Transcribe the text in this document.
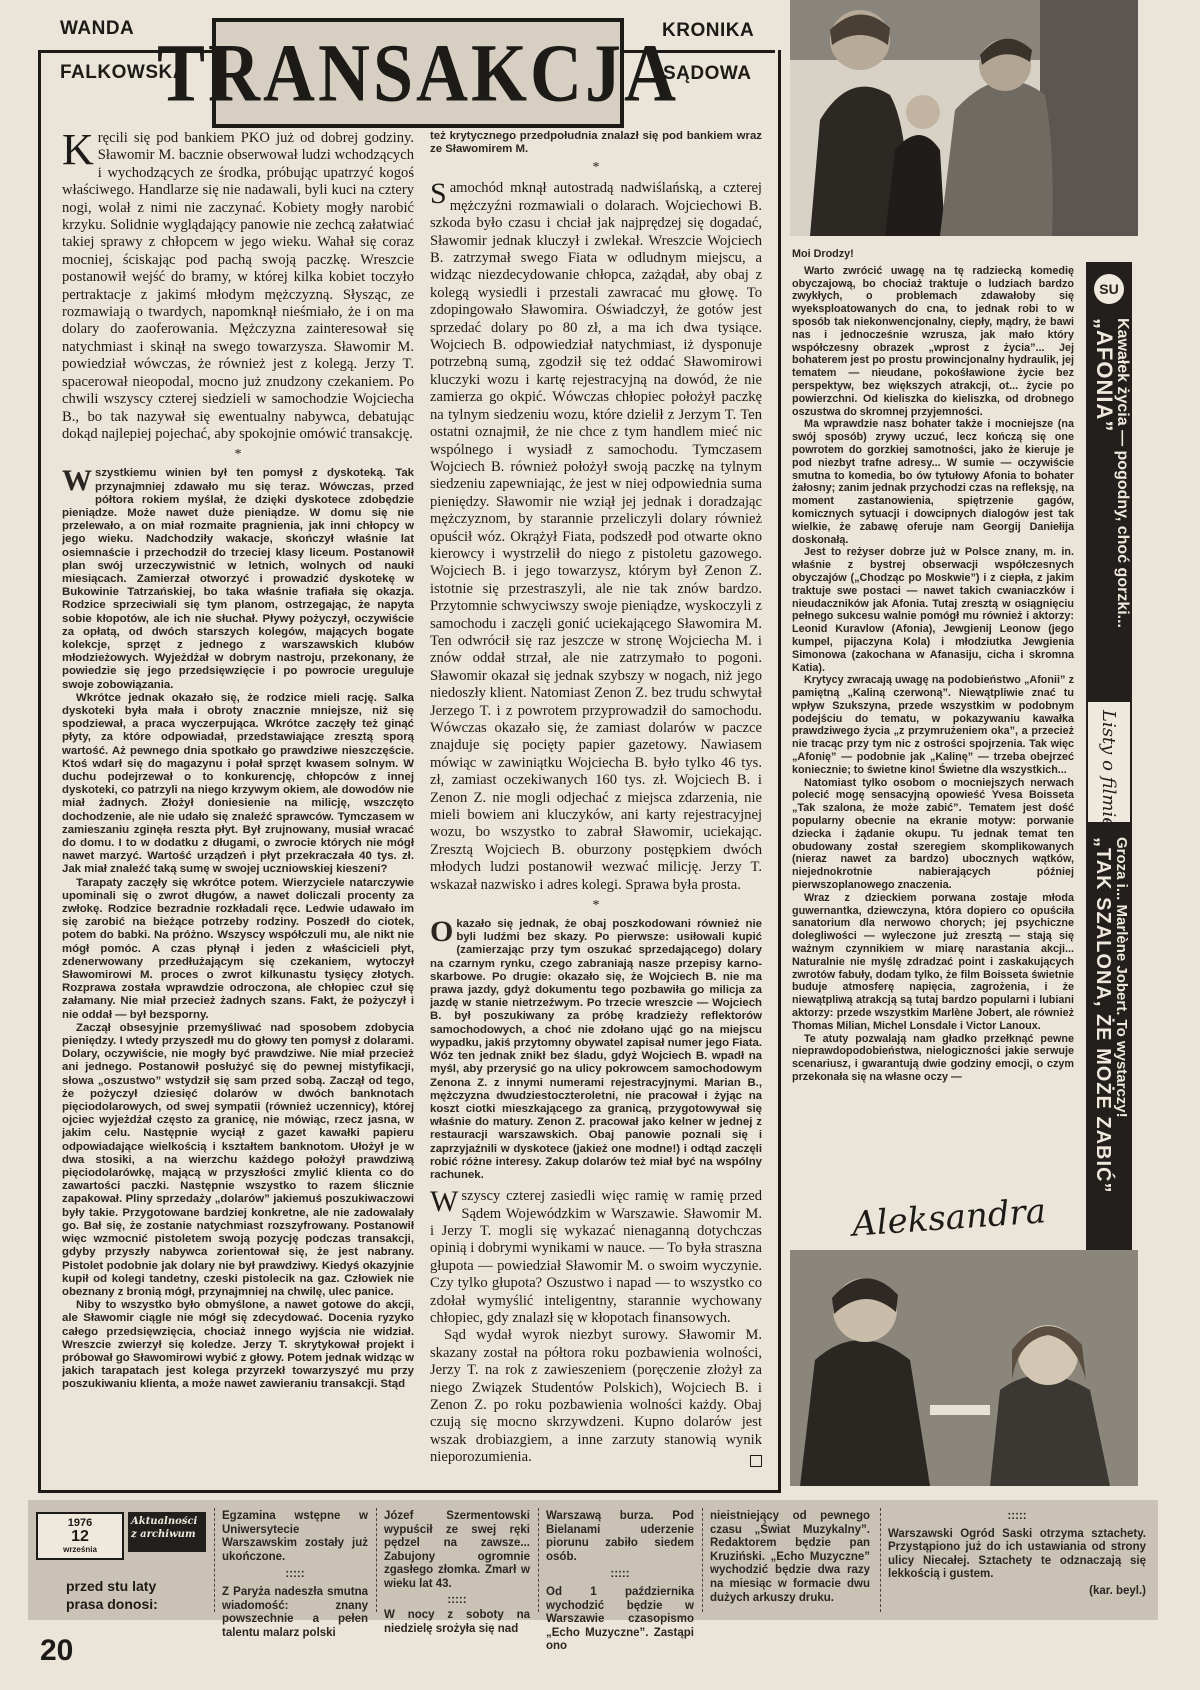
WANDA
FALKOWSKA
KRONIKA
SĄDOWA
TRANSAKCJA
K ręcili się pod bankiem PKO już od dobrej godziny. Sławomir M. bacznie obserwował ludzi wchodzących i wychodzących ze środka, próbując upatrzyć kogoś właściwego. Handlarze się nie nadawali, byli kuci na cztery nogi, wolał z nimi nie zaczynać. Kobiety mogły narobić krzyku. Solidnie wyglądający panowie nie zechcą załatwiać takiej sprawy z chłopcem w jego wieku. Wahał się coraz mocniej, ściskając pod pachą swoją paczkę. Wreszcie postanowił wejść do bramy, w której kilka kobiet toczyło pertraktacje z jakimś młodym mężczyzną. Słysząc, ze rozmawiają o twardych, napomknął nieśmiało, że i on ma dolary do zaoferowania. Mężczyzna zainteresował się natychmiast i skinął na swego towarzysza. Sławomir M. powiedział wówczas, że również jest z kolegą. Jerzy T. spacerował nieopodal, mocno już znudzony czekaniem. Po chwili wszyscy czterej siedzieli w samochodzie Wojciecha B., bo tak nazywał się ewentualny nabywca, debatując dokąd najlepiej pojechać, aby spokojnie omówić transakcję.

*
W szystkiemu winien był ten pomysł z dyskoteką. Tak przynajmniej zdawało mu się teraz. Wówczas, przed półtora rokiem myślał, że dzięki dyskotece zdobędzie pieniądze. Może nawet duże pieniądze. W domu się nie przelewało, a on miał rozmaite pragnienia, jak inni chłopcy w jego wieku. Nadchodziły wakacje, skończył właśnie lat osiemnaście i przechodził do trzeciej klasy liceum. Postanowił plan swój urzeczywistnić w letnich, wolnych od nauki miesiącach. Zamierzał otworzyć i prowadzić dyskotekę w Bukowinie Tatrzańskiej, bo taka właśnie trafiała się okazja. Rodzice sprzeciwiali się tym planom, ostrzegając, że napyta sobie kłopotów, ale ich nie słuchał. Pływy pożyczył, oczywiście za opłatą, od dwóch starszych kolegów, mających bogate kolekcje, sprzęt z jednego z warszawskich klubów młodzieżowych. Wyjeżdżał w dobrym nastroju, przekonany, że powiedzie się jego przedsięwzięcie i po powrocie ureguluje swoje zobowiązania.

Wkrótce jednak okazało się, że rodzice mieli rację. Salka dyskoteki była mała i obroty znacznie mniejsze, niż się spodziewał, a praca wyczerpująca. Wkrótce zaczęły też ginąć płyty, za które odpowiadał, przedstawiające zresztą sporą wartość. Aż pewnego dnia spotkało go prawdziwe nieszczęście. Ktoś wdarł się do magazynu i połał sprzęt kwasem solnym. W duchu podejrzewał o to konkurencję, chłopców z innej dyskoteki, co patrzyli na niego krzywym okiem, ale dowodów nie miał żadnych. Złożył doniesienie na milicję, wszczęto dochodzenie, ale nie udało się znaleźć sprawców. Tymczasem w zamieszaniu zginęła reszta płyt. Był zrujnowany, musiał wracać do domu. I to w dodatku z długami, o zwrocie których nie mógł nawet marzyć. Wartość urządzeń i płyt przekraczała 40 tys. zł. Jak miał znaleźć taką sumę w swojej uczniowskiej kieszeni?

Tarapaty zaczęły się wkrótce potem. Wierzyciele natarczywie upominali się o zwrot długów, a nawet doliczali procenty za zwłokę. Rodzice bezradnie rozkładali ręce. Ledwie udawało im się zarobić na bieżące potrzeby rodziny. Poszedł do ciotek, potem do babki. Na próżno. Wszyscy współczuli mu, ale nikt nie mógł pomóc. A czas płynął i jeden z właścicieli płyt, zdenerwowany przedłużającym się czekaniem, wytoczył Sławomirowi M. proces o zwrot kilkunastu tysięcy złotych. Rozprawa została wprawdzie odroczona, ale chłopiec czuł się załamany. Nie miał przecież żadnych szans. Fakt, że pożyczył i nie oddał — był bezsporny.

Zaczął obsesyjnie przemyśliwać nad sposobem zdobycia pieniędzy. I wtedy przyszedł mu do głowy ten pomysł z dolarami. Dolary, oczywiście, nie mogły być prawdziwe. Nie miał przecież ani jednego. Postanowił posłużyć się do pewnej mistyfikacji, słowa „oszustwo” wstydził się sam przed sobą. Zaczął od tego, że pożyczył dziesięć dolarów w dwóch banknotach pięciodolarowych, od swej sympatii (również uczennicy), której ojciec wyjeżdżał często za granicę, nie mówiąc, rzecz jasna, w jakim celu. Następnie wyciął z gazet kawałki papieru odpowiadające wielkością i kształtem banknotom. Ułożył je w dwa stosiki, a na wierzchu każdego położył prawdziwą pięciodolarówkę, mającą w przyszłości zmylić klienta co do zawartości paczki. Następnie wszystko to razem ślicznie zapakował. Pliny sprzedaży „dolarów” jakiemuś poszukiwaczowi były takie. Przygotowane bardziej konkretne, ale nie zadowalały go. Bał się, że zostanie natychmiast rozszyfrowany. Postanowił więc wzmocnić pistoletem swoją pozycję podczas transakcji, gdyby przyszły nabywca zorientował się, że jest nabrany. Pistolet podobnie jak dolary nie był prawdziwy. Kiedyś okazyjnie kupił od kolegi tandetny, czeski pistolecik na gaz. Człowiek nie obeznany z bronią mógł, przynajmniej na chwilę, ulec panice.

Niby to wszystko było obmyślone, a nawet gotowe do akcji, ale Sławomir ciągle nie mógł się zdecydować. Docenia ryzyko całego przedsięwzięcia, chociaż innego wyjścia nie widział. Wreszcie zwierzył się koledze. Jerzy T. skrytykował projekt i próbował go Sławomirowi wybić z głowy. Potem jednak widząc w jakich tarapatach jest kolega przyrzekł towarzyszyć mu przy poszukiwaniu klienta, a może nawet zawieraniu transakcji. Stąd

też krytycznego przedpołudnia znalazł się pod bankiem wraz ze Sławomirem M.

*
S amochód mknął autostradą nadwiślańską, a czterej mężczyźni rozmawiali o dolarach. Wojciechowi B. szkoda było czasu i chciał jak najprędzej się dogadać, Sławomir jednak kluczył i zwlekał. Wreszcie Wojciech B. zatrzymał swego Fiata w odludnym miejscu, a widząc niezdecydowanie chłopca, zażądał, aby obaj z kolegą wysiedli i przestali zawracać mu głowę. To zdopingowało Sławomira. Oświadczył, że gotów jest sprzedać dolary po 80 zł, a ma ich dwa tysiące. Wojciech B. odpowiedział natychmiast, iż dysponuje potrzebną sumą, zgodził się też oddać Sławomirowi kluczyki wozu i kartę rejestracyjną na dowód, że nie zamierza go okpić. Wówczas chłopiec położył paczkę na tylnym siedzeniu wozu, które dzielił z Jerzym T. Ten ostatni oznajmił, że nie chce z tym handlem mieć nic wspólnego i wysiadł z samochodu. Tymczasem Wojciech B. również położył swoją paczkę na tylnym siedzeniu zapewniając, że jest w niej odpowiednia suma pieniędzy. Sławomir nie wziął jej jednak i doradzając mężczyznom, by starannie przeliczyli dolary również opuścił wóz. Okrążył Fiata, podszedł pod otwarte okno kierowcy i wystrzelił do niego z pistoletu gazowego. Wojciech B. i jego towarzysz, którym był Zenon Z. istotnie się przestraszyli, ale nie tak znów bardzo. Przytomnie schwyciwszy swoje pieniądze, wyskoczyli z samochodu i zaczęli gonić uciekającego Sławomira M. Ten odwrócił się raz jeszcze w stronę Wojciecha M. i znów oddał strzał, ale nie zatrzymało to pogoni. Sławomir okazał się jednak szybszy w nogach, niż jego niedoszły klient. Natomiast Zenon Z. bez trudu schwytał Jerzego T. i z powrotem przyprowadził do samochodu. Wówczas okazało się, że zamiast dolarów w paczce znajduje się pocięty papier gazetowy. Nawiasem mówiąc w zawiniątku Wojciecha B. było tylko 46 tys. zł, zamiast oczekiwanych 160 tys. zł. Wojciech B. i Zenon Z. nie mogli odjechać z miejsca zdarzenia, nie mieli bowiem ani kluczyków, ani karty rejestracyjnej wozu, bo wszystko to zabrał Sławomir, uciekając. Zresztą Wojciech B. oburzony postępkiem dwóch młodych ludzi postanowił wezwać milicję. Jerzy T. wskazał nazwisko i adres kolegi. Sprawa była prosta.

*
O kazało się jednak, że obaj poszkodowani również nie byli ludźmi bez skazy. Po pierwsze: usiłowali kupić (zamierzając przy tym oszukać sprzedającego) dolary na czarnym rynku, czego zabraniają naszе przepisy karno-skarbowe. Po drugie: okazało się, że Wojciech B. nie ma prawa jazdy, gdyż dokumentu tego pozbawiła go milicja za jazdę w stanie nietrzeźwym. Po trzecie wreszcie — Wojciech B. był poszukiwany za próbę kradzieży reflektorów samochodowych, a choć nie zdołano ująć go na miejscu wypadku, jakiś przytomny obywatel zapisał numer jego Fiata. Wóz ten jednak znikł bez śladu, gdyż Wojciech B. wpadł na myśl, aby przerysić go na ulicy pokrowcem samochodowym Zenona Z. z innymi numerami rejestracyjnymi. Marian B., mężczyzna dwudziestoczteroletni, nie pracował i żyjąc na koszt ciotki mieszkającego za granicą, przygotowywał się właśnie do matury. Zenon Z. pracował jako kelner w jednej z restauracji warszawskich. Obaj panowie poznali się i zaprzyjaźnili w dyskotece (jakież one modne!) i odtąd zaczęli robić różne interesy. Zakup dolarów też miał być na wspólny rachunek.

W szyscy czterej zasiedli więc ramię w ramię przed Sądem Wojewódzkim w Warszawie. Sławomir M. i Jerzy T. mogli się wykazać nienaganną dotychczas opinią i dobrymi wynikami w nauce. — To była straszna głupota — powiedział Sławomir M. o swoim wyczynie. Czy tylko głupota? Oszustwo i napad — to wszystko co zdołał wymyślić inteligentny, starannie wychowany chłopiec, gdy znalazł się w kłopotach finansowych.

Sąd wydał wyrok niezbyt surowy. Sławomir M. skazany został na półtora roku pozbawienia wolności, Jerzy T. na rok z zawieszeniem (poręczenie złożył za niego Związek Studentów Polskich), Wojciech B. i Zenon Z. po roku pozbawienia wolności każdy. Obaj czują się mocno skrzywdzeni. Kupno dolarów jest wszak drobiazgiem, a inne zarzuty stanowią wynik nieporozumienia.

Moi Drodzy!

Warto zwrócić uwagę na tę radziecką komedię obyczajową, bo chociaż traktuje o ludziach bardzo zwykłych, o problemach zdawałoby się wyeksploatowanych do cna, to jednak robi to w sposób tak niekonwencjonalny, ciepły, mądry, że bawi nas i jednocześnie wzrusza, jak mało który współczesny obrazek „wprost z życia”... Jej bohaterem jest po prostu prowincjonalny hydraulik, jej tematem — nieudane, pokośławione życie bez perspektyw, bez większych atrakcji, ot... życie po powierzchni. Od kieliszka do kieliszka, od drobnego oszustwa do skromnej przyjemności.

Ma wprawdzie nasz bohater także i mocniejsze (na swój sposób) zrywy uczuć, lecz kończą się one powrotem do gorzkiej samotności, jako że kieruje je pod niezbyt trafne adresy... W sumie — oczywiście smutna to komedia, bo ów tytułowy Afonia to bohater żałosny; zanim jednak przychodzi czas na refleksję, na moment zastanowienia, spiętrzenie gagów, komicznych sytuacji i dowcipnych dialogów jest tak wielkie, że zabawę oferuje nam Georgij Daniełija doskonałą.

Jest to reżyser dobrze już w Polsce znany, m. in. właśnie z bystrej obserwacji współczesnych obyczajów („Chodząc po Moskwie”) i z ciepła, z jakim traktuje swe postaci — nawet takich cwaniaczków i nieudaczników jak Afonia. Tutaj zresztą w osiągnięciu pełnego sukcesu walnie pomógł mu również i aktorzy: Leonid Kuravlow (Afonia), Jewgienij Leonow (jego kumpel, pijaczyna Kola) i młodziutka Jewgienia Simonowa (zakochana w Afanasiju, cicha i skromna Katia).

Krytycy zwracają uwagę na podobieństwo „Afonii” z pamiętną „Kaliną czerwoną”. Niewątpliwie znać tu wpływ Szukszyna, przede wszystkim w podobnym podejściu do tematu, w pokazywaniu kawałka prawdziwego życia „z przymrużeniem oka”, a przecież nie tracąc przy tym nic z ostrości spojrzenia. Tak więc „Afonię” — podobnie jak „Kalinę” — trzeba obejrzeć koniecznie; to świetne kino! Świetne dla wszystkich...

Natomiast tylko osobom o mocniejszych nerwach polecić mogę sensacyjną opowieść Yvesa Boisseta „Tak szalona, że może zabić”. Tematem jest dość popularny obecnie na ekranie motyw: porwanie dziecka i żądanie okupu. Tu jednak temat ten obudowany został szeregiem skomplikowanych (nieraz nawet za bardzo) ubocznych wątków, niejednokrotnie nabierających później pierwszoplanowego znaczenia.

Wraz z dzieckiem porwana zostaje młoda guwernantka, dziewczyna, która dopiero co opuściła sanatorium dla nerwowo chorych; jej psychiczne dolegliwości — wyleczone już zresztą — stają się ważnym czynnikiem w miarę narastania akcji... Naturalnie nie myślę zdradzać point i zaskakujących zwrotów fabuły, dodam tylko, że film Boisseta świetnie buduje atmosferę napięcia, zagrożenia, i że niewątpliwą atrakcją są tutaj bardzo popularni i lubiani aktorzy: przede wszystkim Marlène Jobert, ale również Thomas Milian, Michel Lonsdale i Victor Lanoux.

Te atuty pozwalają nam gładko przełknąć pewne nieprawdopodobieństwa, nielogiczności jakie serwuje scenariusz, i gwarantują dwie godziny emocji, o czym przekonała się na własne oczy —

Aleksandra
SU
„AFONIA”
Kawałek życia — pogodny, choć gorzki...
Listy o filmie
„TAK SZALONA, ŻE MOŻE ZABIĆ” Groza i... Marlène Jobert. To wystarczy!
1976
12
września
Aktualności z archiwum
przed stu laty
prasa donosi:
Egzamina wstępne w Uniwersytecie Warszawskim zostały już ukończone.
:::::
Z Paryża nadeszła smutna wiadomość: znany powszechnie a pełen talentu malarz polski
Józef Szermentowski wypuścił ze swej ręki pędzel na zawsze... Zabujony ogromnie zgasłego złomka. Zmarł w wieku lat 43.
:::::
W nocy z soboty na niedzielę srożyła się nad
Warszawą burza. Pod Bielanami uderzenie piorunu zabiło siedem osób.
:::::
Od 1 października wychodzić będzie w Warszawie czasopismo „Echo Muzyczne”. Zastąpi ono
nieistniejący od pewnego czasu „Świat Muzykalny”. Redaktorem będzie pan Kruziński. „Echo Muzyczne” wychodzić będzie dwa razy na miesiąc w formacie dwu dużych arkuszy druku.
:::::
Warszawski Ogród Saski otrzyma sztachety. Przystąpiono już do ich ustawiania od strony ulicy Niecałej. Sztachety te odznaczają się lekkością i gustem.
(kar. beyl.)
20
